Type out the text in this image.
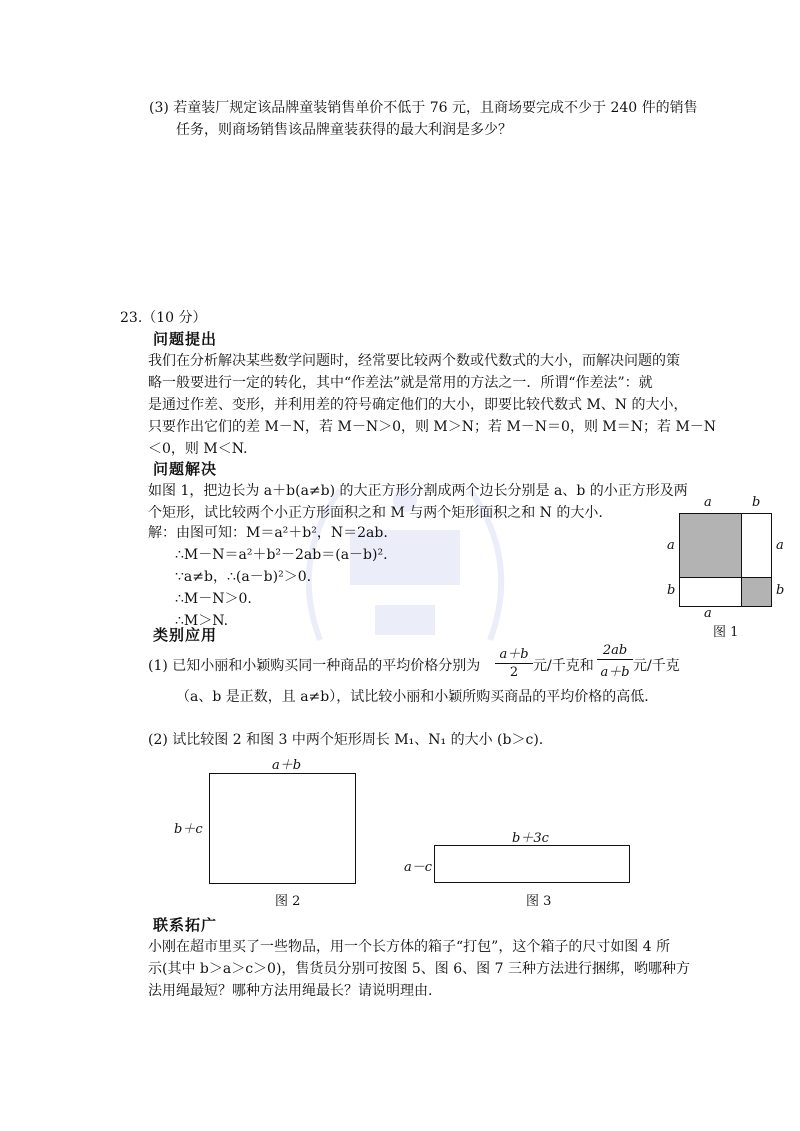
(3) 若童装厂规定该品牌童装销售单价不低于 76 元，且商场要完成不少于 240 件的销售
任务，则商场销售该品牌童装获得的最大利润是多少？
23.（10 分）
问题提出
我们在分析解决某些数学问题时，经常要比较两个数或代数式的大小，而解决问题的策
略一般要进行一定的转化，其中“作差法”就是常用的方法之一．所谓“作差法”：就
是通过作差、变形，并利用差的符号确定他们的大小，即要比较代数式 M、N 的大小，
只要作出它们的差 M－N，若 M－N＞0，则 M＞N；若 M－N＝0，则 M＝N；若 M－N
＜0，则 M＜N.
问题解决
如图 1，把边长为 a＋b(a≠b) 的大正方形分割成两个边长分别是 a、b 的小正方形及两
个矩形，试比较两个小正方形面积之和 M 与两个矩形面积之和 N 的大小.
解：由图可知：M＝a²＋b²，N＝2ab.
∴M－N＝a²＋b²－2ab＝(a－b)².
∵a≠b，∴(a－b)²＞0.
∴M－N＞0.
∴M＞N.
a	b
a
b
a
b
a
图 1
类别应用
(1) 已知小丽和小颖购买同一种商品的平均价格分别为
a＋b
2	元/千克和
2ab
a＋b 元/千克
（a、b 是正数，且 a≠b），试比较小丽和小颖所购买商品的平均价格的高低.
(2) 试比较图 2 和图 3 中两个矩形周长 M₁、N₁ 的大小 (b＞c).
a＋b
b＋c
图 2
b＋3c
a－c
图 3
联系拓广
小刚在超市里买了一些物品，用一个长方体的箱子“打包”，这个箱子的尺寸如图 4 所
示(其中 b＞a＞c＞0)，售货员分别可按图 5、图 6、图 7 三种方法进行捆绑，哟哪种方
法用绳最短？哪种方法用绳最长？请说明理由.
